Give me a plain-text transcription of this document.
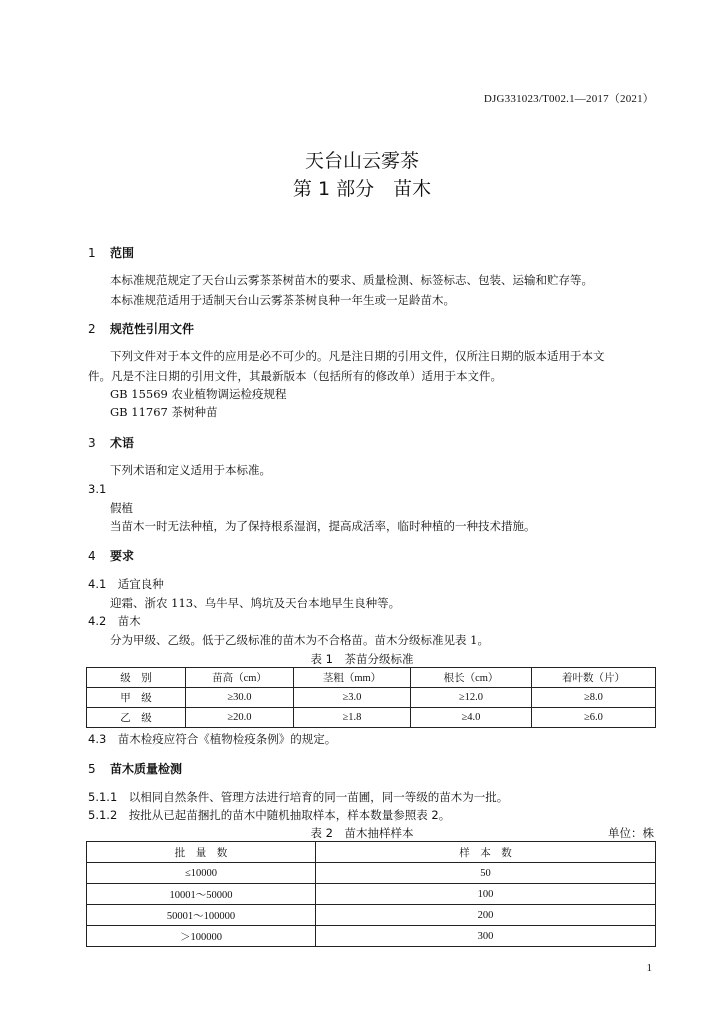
DJG331023/T002.1—2017（2021）
天台山云雾茶
第 1 部分　苗木
1 范围
本标准规范规定了天台山云雾茶茶树苗木的要求、质量检测、标签标志、包装、运输和贮存等。
本标准规范适用于适制天台山云雾茶茶树良种一年生或一足龄苗木。
2 规范性引用文件
下列文件对于本文件的应用是必不可少的。凡是注日期的引用文件，仅所注日期的版本适用于本文
件。凡是不注日期的引用文件，其最新版本（包括所有的修改单）适用于本文件。
GB 15569 农业植物调运检疫规程
GB 11767 茶树种苗
3 术语
下列术语和定义适用于本标准。
3.1
假植
当苗木一时无法种植，为了保持根系湿润，提高成活率，临时种植的一种技术措施。
4 要求
4.1　适宜良种
迎霜、浙农 113、乌牛早、鸠坑及天台本地早生良种等。
4.2　苗木
分为甲级、乙级。低于乙级标准的苗木为不合格苗。苗木分级标准见表 1。
表 1　茶苗分级标准
级　别	苗高（cm）	茎粗（mm）	根长（cm）	着叶数（片）
甲　级	≥30.0	≥3.0	≥12.0	≥8.0
乙　级	≥20.0	≥1.8	≥4.0	≥6.0
4.3　苗木检疫应符合《植物检疫条例》的规定。
5 苗木质量检测
5.1.1　以相同自然条件、管理方法进行培育的同一苗圃，同一等级的苗木为一批。
5.1.2　按批从已起苗捆扎的苗木中随机抽取样本，样本数量参照表 2。
表 2　苗木抽样样本	单位：株
批　量　数	样　本　数
≤10000	50
10001～50000	100
50001～100000	200
＞100000	300
1
